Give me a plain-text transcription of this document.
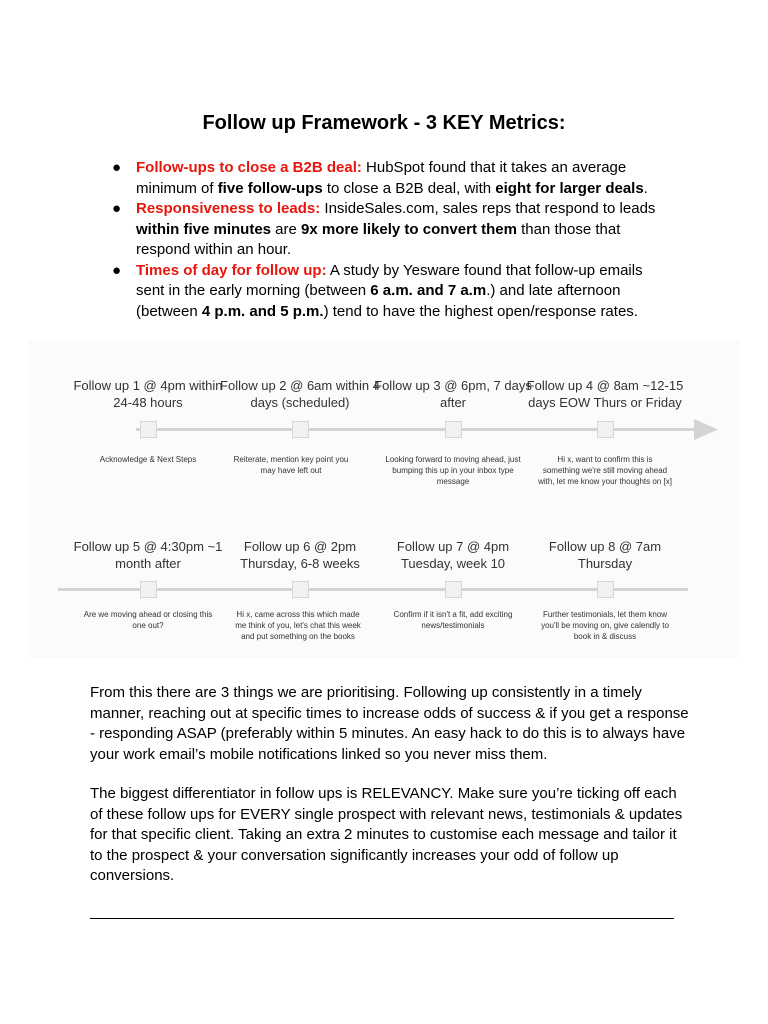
Follow up Framework - 3 KEY Metrics:
● Follow-ups to close a B2B deal: HubSpot found that it takes an average minimum of five follow-ups to close a B2B deal, with eight for larger deals.
● Responsiveness to leads: InsideSales.com, sales reps that respond to leads within five minutes are 9x more likely to convert them than those that respond within an hour.
● Times of day for follow up: A study by Yesware found that follow-up emails sent in the early morning (between 6 a.m. and 7 a.m.) and late afternoon (between 4 p.m. and 5 p.m.) tend to have the highest open/response rates.
Follow up 1 @ 4pm within 24-48 hours
Follow up 2 @ 6am within 4 days (scheduled)
Follow up 3 @ 6pm, 7 days after
Follow up 4 @ 8am ~12-15 days EOW Thurs or Friday
Acknowledge & Next Steps	Reiterate, mention key point you may have left out
Looking forward to moving ahead, just bumping this up in your inbox type message
Hi x, want to confirm this is something we're still moving ahead with, let me know your thoughts on [x]
Follow up 5 @ 4:30pm ~1 month after
Follow up 6 @ 2pm Thursday, 6-8 weeks
Follow up 7 @ 4pm Tuesday, week 10
Follow up 8 @ 7am Thursday
Are we moving ahead or closing this one out?
Hi x, came across this which made me think of you, let's chat this week and put something on the books
Confirm if it isn't a fit, add exciting news/testimonials
Further testimonials, let them know you'll be moving on, give calendly to book in & discuss
From this there are 3 things we are prioritising. Following up consistently in a timely manner, reaching out at specific times to increase odds of success & if you get a response - responding ASAP (preferably within 5 minutes. An easy hack to do this is to always have your work email’s mobile notifications linked so you never miss them.
The biggest differentiator in follow ups is RELEVANCY. Make sure you’re ticking off each of these follow ups for EVERY single prospect with relevant news, testimonials & updates for that specific client. Taking an extra 2 minutes to customise each message and tailor it to the prospect & your conversation significantly increases your odd of follow up conversions.
